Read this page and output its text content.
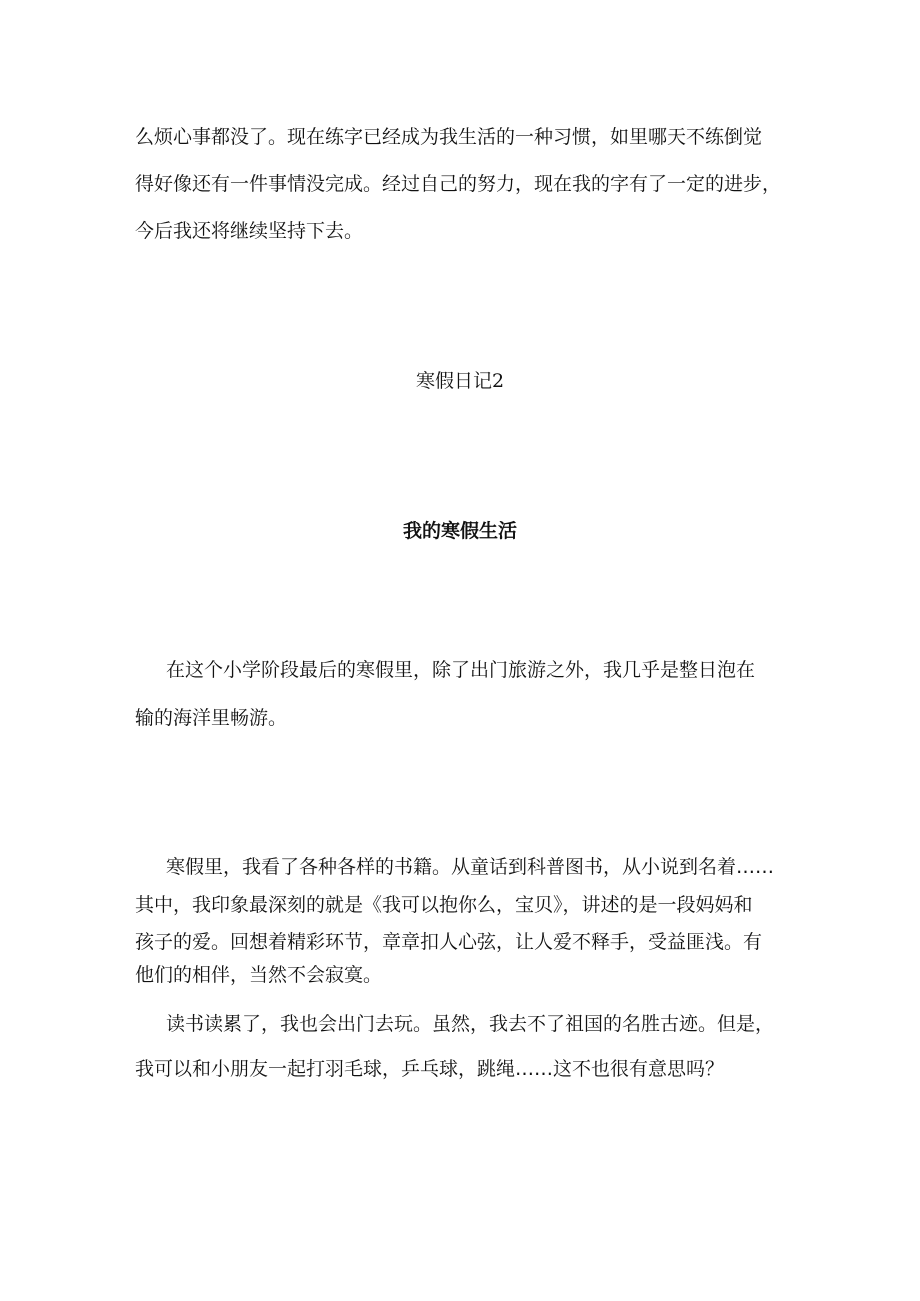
么烦心事都没了。现在练字已经成为我生活的一种习惯，如里哪天不练倒觉

得好像还有一件事情没完成。经过自己的努力，现在我的字有了一定的进步，

今后我还将继续坚持下去。

寒假日记2

我的寒假生活

在这个小学阶段最后的寒假里，除了出门旅游之外，我几乎是整日泡在

输的海洋里畅游。

寒假里，我看了各种各样的书籍。从童话到科普图书，从小说到名着……

其中，我印象最深刻的就是《我可以抱你么，宝贝》，讲述的是一段妈妈和

孩子的爱。回想着精彩环节，章章扣人心弦，让人爱不释手，受益匪浅。有

他们的相伴，当然不会寂寞。

读书读累了，我也会出门去玩。虽然，我去不了祖国的名胜古迹。但是，

我可以和小朋友一起打羽毛球，乒乓球，跳绳……这不也很有意思吗？
